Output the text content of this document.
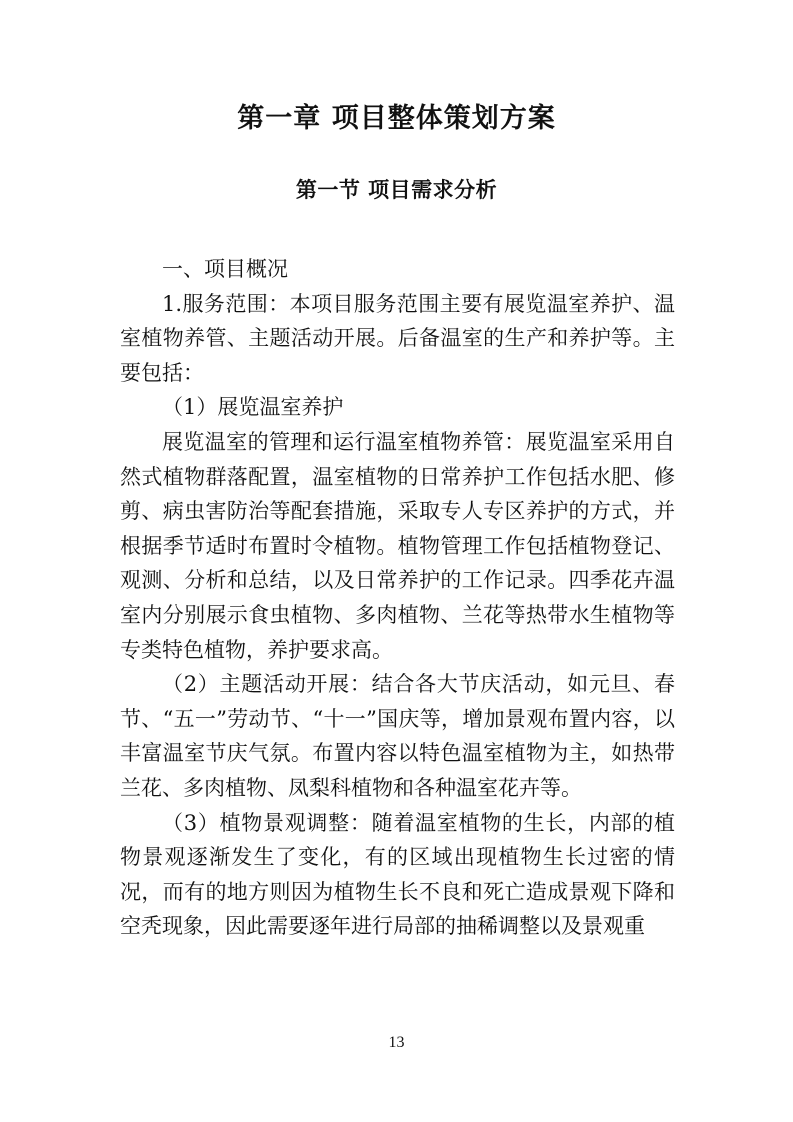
第一章 项目整体策划方案
第一节 项目需求分析

一、项目概况

1.服务范围：本项目服务范围主要有展览温室养护、温室植物养管、主题活动开展。后备温室的生产和养护等。主要包括：

（1）展览温室养护

展览温室的管理和运行温室植物养管：展览温室采用自然式植物群落配置，温室植物的日常养护工作包括水肥、修剪、病虫害防治等配套措施，采取专人专区养护的方式，并根据季节适时布置时令植物。植物管理工作包括植物登记、观测、分析和总结，以及日常养护的工作记录。四季花卉温室内分别展示食虫植物、多肉植物、兰花等热带水生植物等专类特色植物，养护要求高。

（2）主题活动开展：结合各大节庆活动，如元旦、春节、“五一”劳动节、“十一”国庆等，增加景观布置内容，以丰富温室节庆气氛。布置内容以特色温室植物为主，如热带兰花、多肉植物、凤梨科植物和各种温室花卉等。

（3）植物景观调整：随着温室植物的生长，内部的植物景观逐渐发生了变化，有的区域出现植物生长过密的情况，而有的地方则因为植物生长不良和死亡造成景观下降和空秃现象，因此需要逐年进行局部的抽稀调整以及景观重

13
